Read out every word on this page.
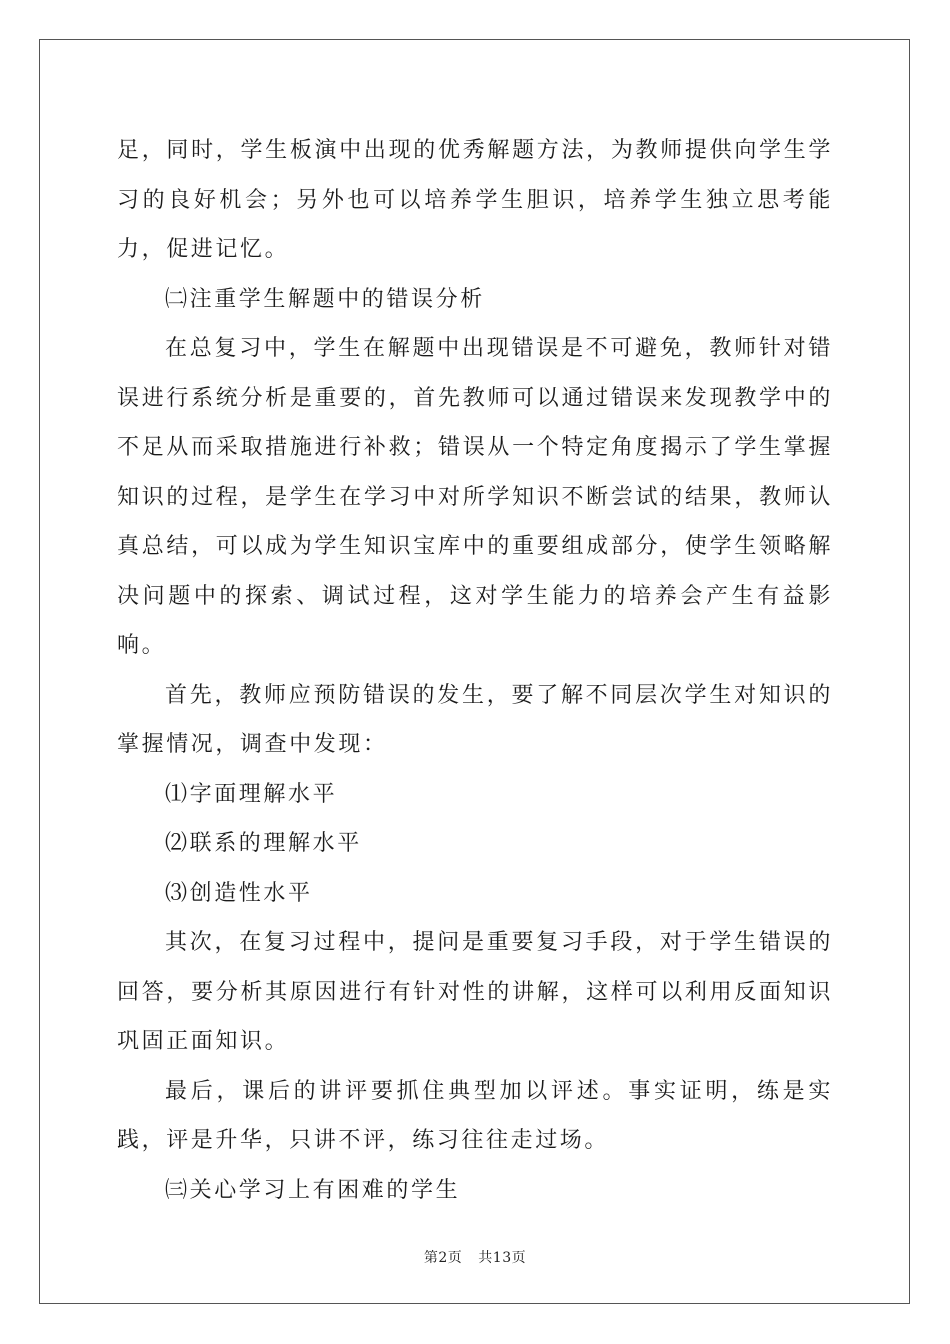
足，同时，学生板演中出现的优秀解题方法，为教师提供向学生学习的良好机会；另外也可以培养学生胆识，培养学生独立思考能力，促进记忆。

㈡注重学生解题中的错误分析

在总复习中，学生在解题中出现错误是不可避免，教师针对错误进行系统分析是重要的，首先教师可以通过错误来发现教学中的不足从而采取措施进行补救；错误从一个特定角度揭示了学生掌握知识的过程，是学生在学习中对所学知识不断尝试的结果，教师认真总结，可以成为学生知识宝库中的重要组成部分，使学生领略解决问题中的探索、调试过程，这对学生能力的培养会产生有益影响。

首先，教师应预防错误的发生，要了解不同层次学生对知识的掌握情况，调查中发现：

⑴字面理解水平

⑵联系的理解水平

⑶创造性水平

其次，在复习过程中，提问是重要复习手段，对于学生错误的回答，要分析其原因进行有针对性的讲解，这样可以利用反面知识巩固正面知识。

最后，课后的讲评要抓住典型加以评述。事实证明，练是实践，评是升华，只讲不评，练习往往走过场。

㈢关心学习上有困难的学生

第2页 共13页
